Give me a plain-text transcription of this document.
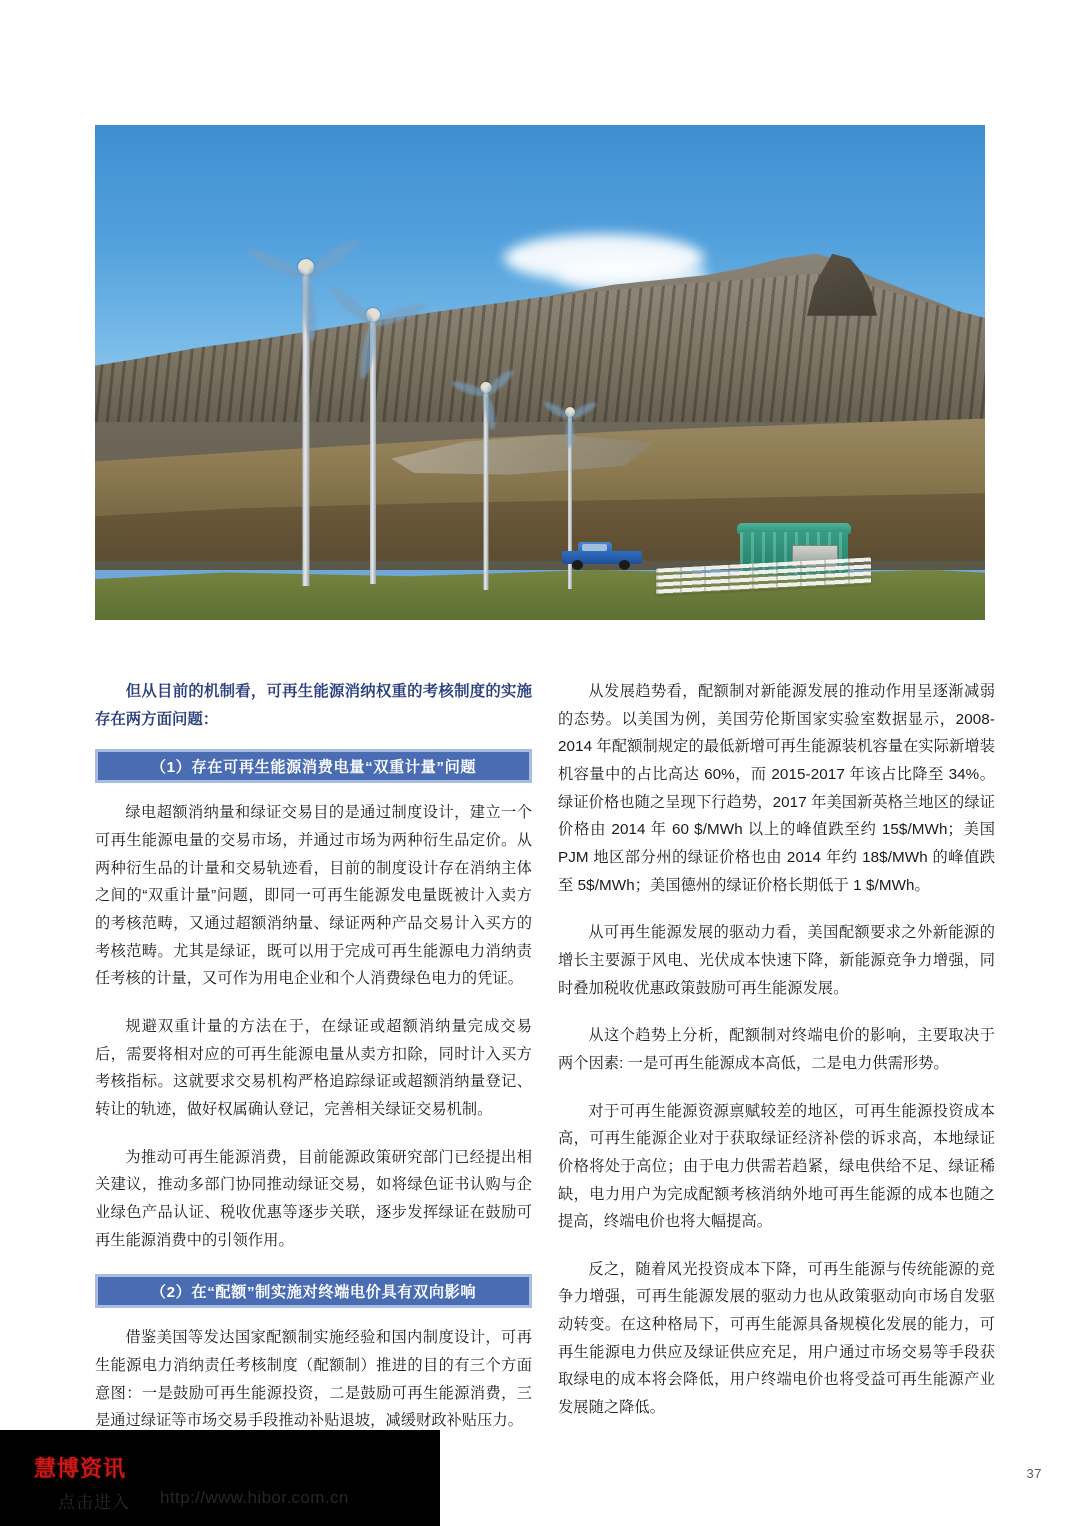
但从目前的机制看，可再生能源消纳权重的考核制度的实施存在两方面问题：

（1）存在可再生能源消费电量“双重计量”问题

绿电超额消纳量和绿证交易目的是通过制度设计，建立一个可再生能源电量的交易市场，并通过市场为两种衍生品定价。从两种衍生品的计量和交易轨迹看，目前的制度设计存在消纳主体之间的“双重计量”问题，即同一可再生能源发电量既被计入卖方的考核范畴，又通过超额消纳量、绿证两种产品交易计入买方的考核范畴。尤其是绿证，既可以用于完成可再生能源电力消纳责任考核的计量，又可作为用电企业和个人消费绿色电力的凭证。

规避双重计量的方法在于，在绿证或超额消纳量完成交易后，需要将相对应的可再生能源电量从卖方扣除，同时计入买方考核指标。这就要求交易机构严格追踪绿证或超额消纳量登记、转让的轨迹，做好权属确认登记，完善相关绿证交易机制。

为推动可再生能源消费，目前能源政策研究部门已经提出相关建议，推动多部门协同推动绿证交易，如将绿色证书认购与企业绿色产品认证、税收优惠等逐步关联，逐步发挥绿证在鼓励可再生能源消费中的引领作用。

（2）在“配额”制实施对终端电价具有双向影响

借鉴美国等发达国家配额制实施经验和国内制度设计，可再生能源电力消纳责任考核制度（配额制）推进的目的有三个方面意图：一是鼓励可再生能源投资，二是鼓励可再生能源消费，三是通过绿证等市场交易手段推动补贴退坡，减缓财政补贴压力。

从发展趋势看，配额制对新能源发展的推动作用呈逐渐减弱的态势。以美国为例，美国劳伦斯国家实验室数据显示，2008-2014 年配额制规定的最低新增可再生能源装机容量在实际新增装机容量中的占比高达 60%，而 2015-2017 年该占比降至 34%。绿证价格也随之呈现下行趋势，2017 年美国新英格兰地区的绿证价格由 2014 年 60 $/MWh 以上的峰值跌至约 15$/MWh；美国 PJM 地区部分州的绿证价格也由 2014 年约 18$/MWh 的峰值跌至 5$/MWh；美国德州的绿证价格长期低于 1 $/MWh。

从可再生能源发展的驱动力看，美国配额要求之外新能源的增长主要源于风电、光伏成本快速下降，新能源竞争力增强，同时叠加税收优惠政策鼓励可再生能源发展。

从这个趋势上分析，配额制对终端电价的影响，主要取决于两个因素: 一是可再生能源成本高低，二是电力供需形势。

对于可再生能源资源禀赋较差的地区，可再生能源投资成本高，可再生能源企业对于获取绿证经济补偿的诉求高，本地绿证价格将处于高位；由于电力供需若趋紧，绿电供给不足、绿证稀缺，电力用户为完成配额考核消纳外地可再生能源的成本也随之提高，终端电价也将大幅提高。

反之，随着风光投资成本下降，可再生能源与传统能源的竞争力增强，可再生能源发展的驱动力也从政策驱动向市场自发驱动转变。在这种格局下，可再生能源具备规模化发展的能力，可再生能源电力供应及绿证供应充足，用户通过市场交易等手段获取绿电的成本将会降低，用户终端电价也将受益可再生能源产业发展随之降低。

慧博资讯
点击进入 http://www.hibor.com.cn
37
